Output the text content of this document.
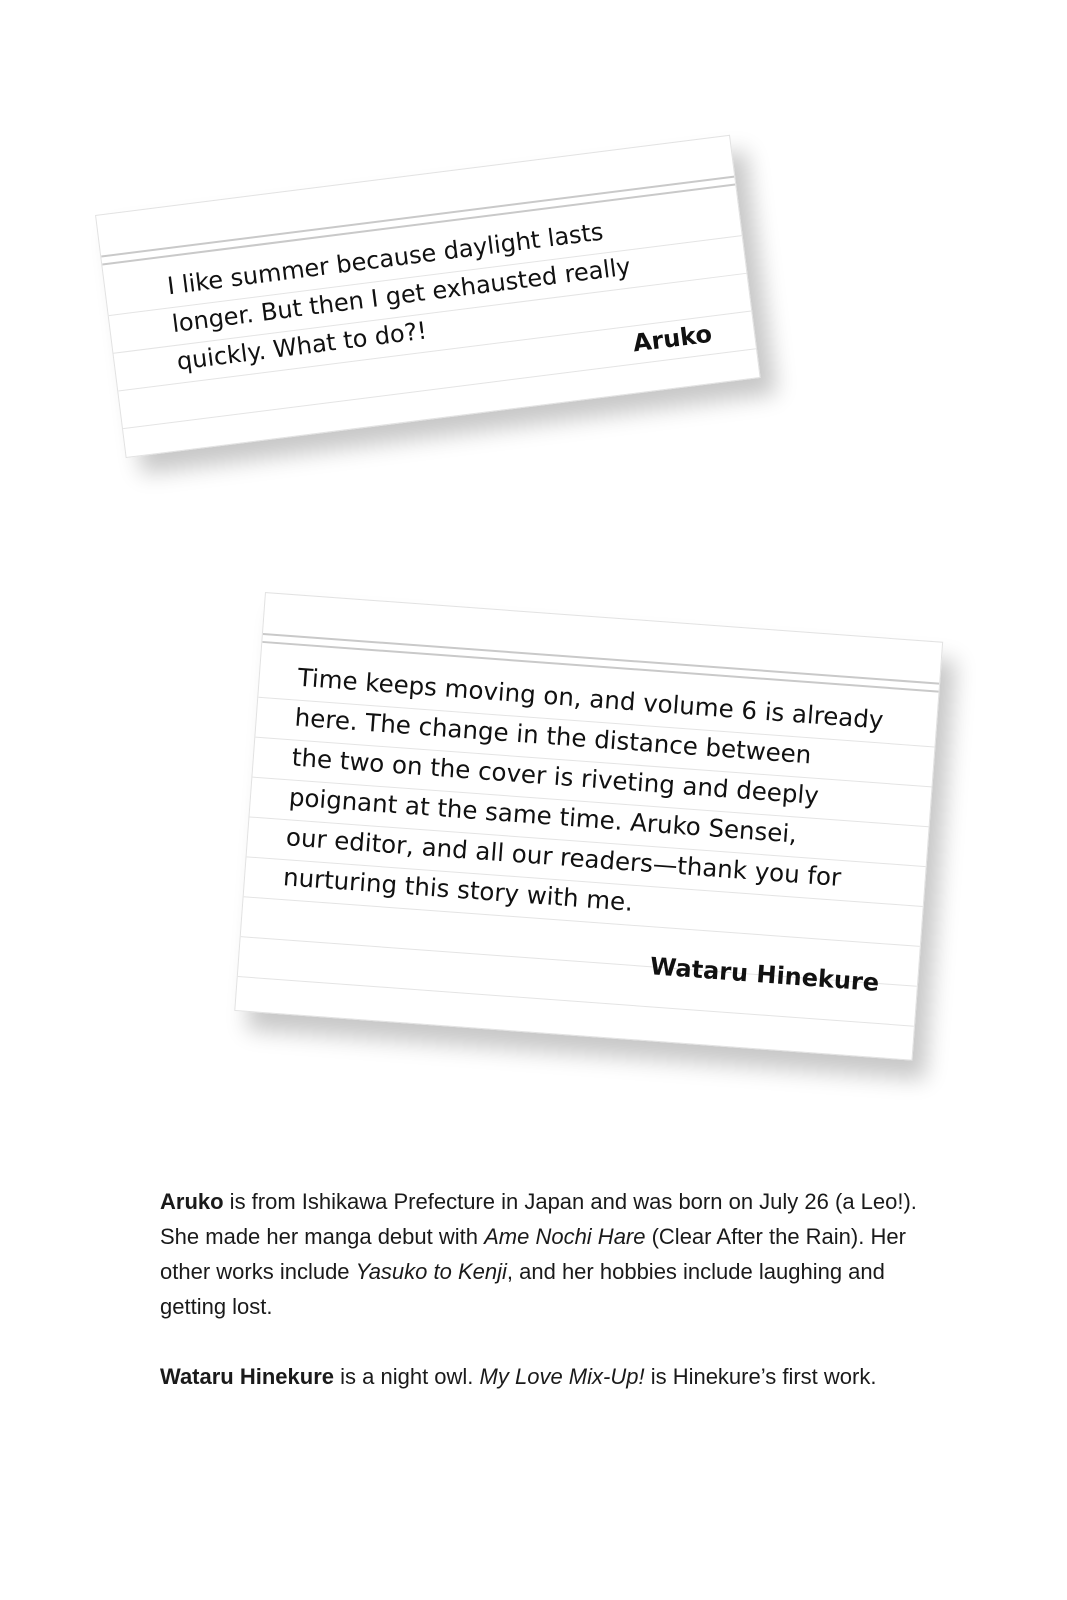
I like summer because daylight lasts
longer. But then I get exhausted really
quickly. What to do?!	Aruko

Time keeps moving on, and volume 6 is already
here. The change in the distance between
the two on the cover is riveting and deeply
poignant at the same time. Aruko Sensei,
our editor, and all our readers—thank you for
nurturing this story with me.

Wataru Hinekure

Aruko is from Ishikawa Prefecture in Japan and was born on July 26 (a Leo!). She made her manga debut with Ame Nochi Hare (Clear After the Rain). Her other works include Yasuko to Kenji, and her hobbies include laughing and getting lost.

Wataru Hinekure is a night owl. My Love Mix-Up! is Hinekure’s first work.
